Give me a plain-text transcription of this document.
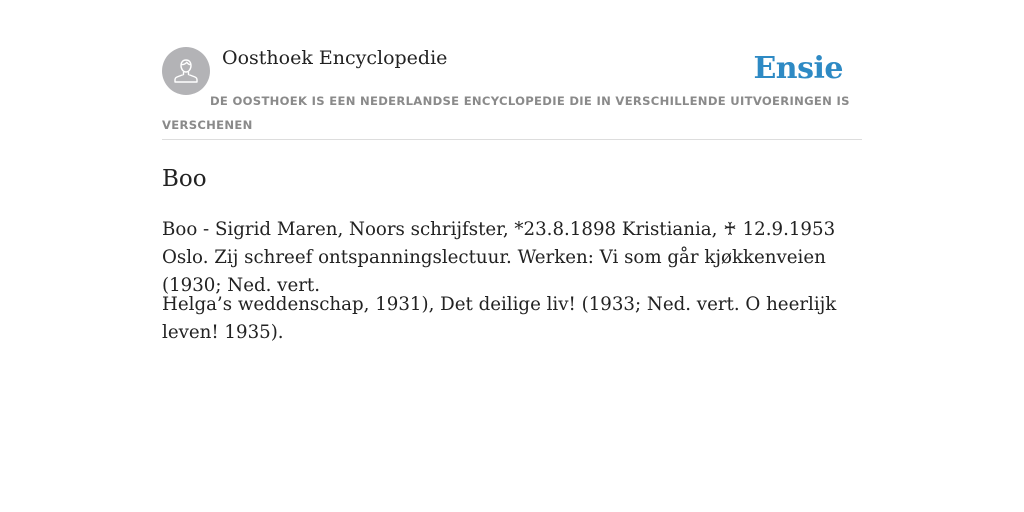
Oosthoek Encyclopedie	Ensie
DE OOSTHOEK IS EEN NEDERLANDSE ENCYCLOPEDIE DIE IN VERSCHILLENDE UITVOERINGEN IS VERSCHENEN
Boo

Boo - Sigrid Maren, Noors schrijfster, *23.8.1898 Kristiania, ♰ 12.9.1953 Oslo. Zij schreef ontspanningslectuur. Werken: Vi som går kjøkkenveien (1930; Ned. vert.

Helga’s weddenschap, 1931), Det deilige liv! (1933; Ned. vert. O heerlijk leven! 1935).
